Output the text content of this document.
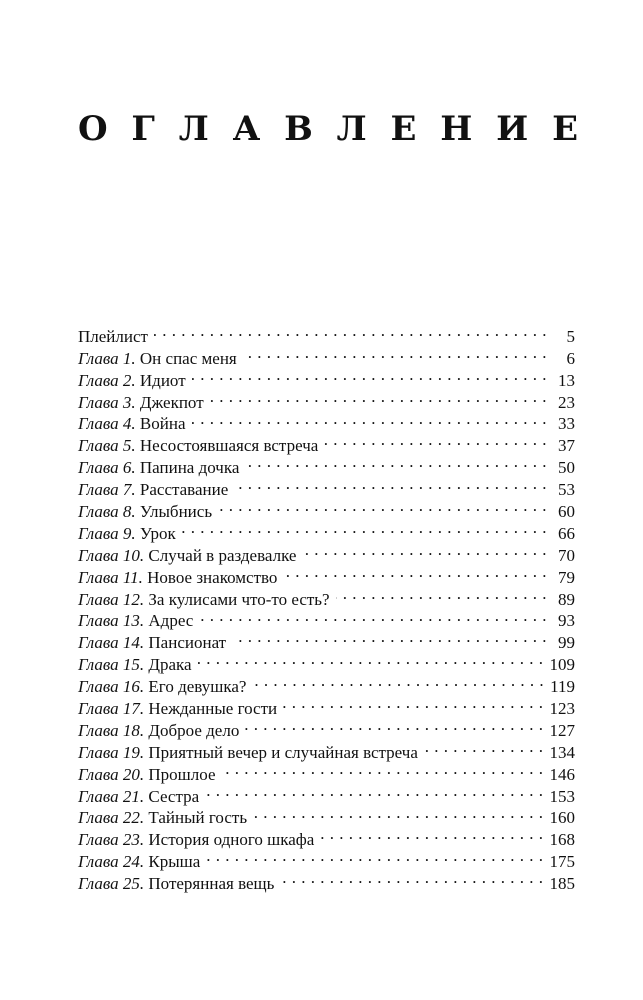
О Г Л А В Л Е Н И Е
Плейлист . . .	5
Глава 1. Он спас меня . . .	6
Глава 2. Идиот . . .	13
Глава 3. Джекпот . . .	23
Глава 4. Война . . .	33
Глава 5. Несостоявшаяся встреча . . .	37
Глава 6. Папина дочка . . .	50
Глава 7. Расставание . . .	53
Глава 8. Улыбнись . . .	60
Глава 9. Урок . . .	66
Глава 10. Случай в раздевалке . . .	70
Глава 11. Новое знакомство . . .	79
Глава 12. За кулисами что-то есть? . . .	89
Глава 13. Адрес . . .	93
Глава 14. Пансионат . . .	99
Глава 15. Драка . . .	109
Глава 16. Его девушка? . . .	119
Глава 17. Нежданные гости . . .	123
Глава 18. Доброе дело . . .	127
Глава 19. Приятный вечер и случайная встреча . . .	134
Глава 20. Прошлое . . .	146
Глава 21. Сестра . . .	153
Глава 22. Тайный гость . . .	160
Глава 23. История одного шкафа . . .	168
Глава 24. Крыша . . .	175
Глава 25. Потерянная вещь . . .	185
